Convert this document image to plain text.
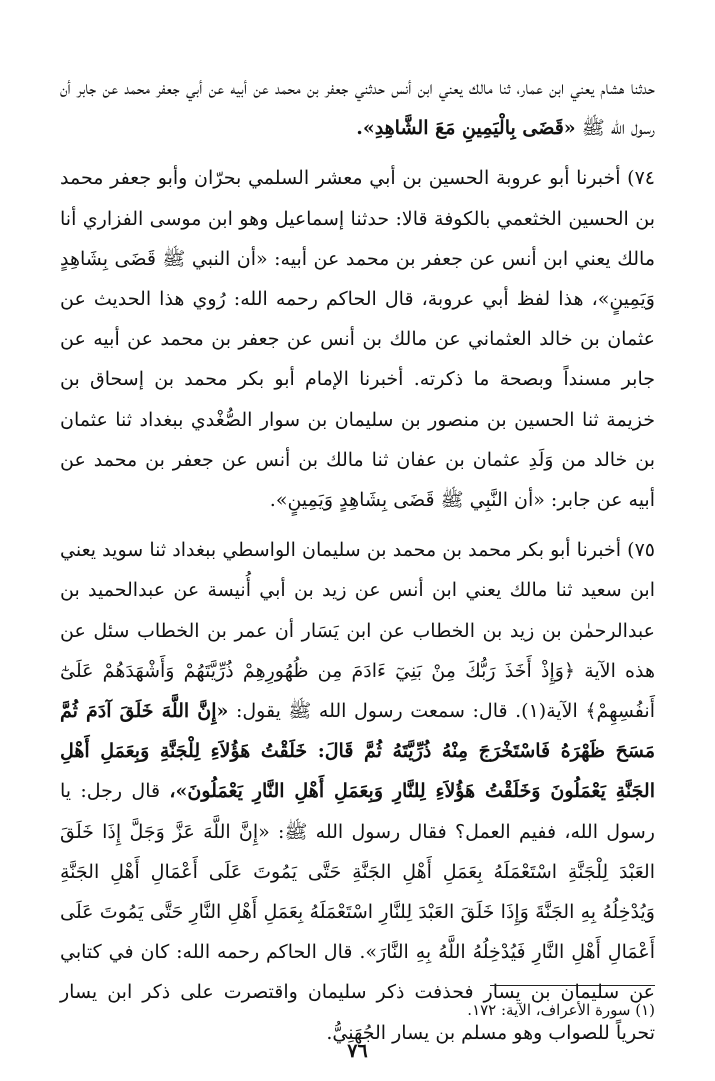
حدثنا هشام يعني ابن عمار، ثنا مالك يعني ابن أنس حدثني جعفر بن محمد عن أبيه عن أبي جعفر محمد عن جابر أن رسول الله ﷺ «قَضَى بِالْيَمِينِ مَعَ الشَّاهِدِ».

٧٤) أخبرنا أبو عروبة الحسين بن أبي معشر السلمي بحرّان وأبو جعفر محمد بن الحسين الخثعمي بالكوفة قالا: حدثنا إسماعيل وهو ابن موسى الفزاري أنا مالك يعني ابن أنس عن جعفر بن محمد عن أبيه: «أن النبي ﷺ قَضَى بِشَاهِدٍ وَيَمِينٍ»، هذا لفظ أبي عروبة، قال الحاكم رحمه الله: رُوي هذا الحديث عن عثمان بن خالد العثماني عن مالك بن أنس عن جعفر بن محمد عن أبيه عن جابر مسنداً وبصحة ما ذكرته. أخبرنا الإمام أبو بكر محمد بن إسحاق بن خزيمة ثنا الحسين بن منصور بن سليمان بن سوار الصُّغْدي ببغداد ثنا عثمان بن خالد من وَلَدِ عثمان بن عفان ثنا مالك بن أنس عن جعفر بن محمد عن أبيه عن جابر: «أن النَّبِي ﷺ قَضَى بِشَاهِدٍ وَيَمِينٍ».

٧٥) أخبرنا أبو بكر محمد بن محمد بن سليمان الواسطي ببغداد ثنا سويد يعني ابن سعيد ثنا مالك يعني ابن أنس عن زيد بن أبي أُنيسة عن عبدالحميد بن عبدالرحمٰن بن زيد بن الخطاب عن ابن يَسَار أن عمر بن الخطاب سئل عن هذه الآية ﴿وَإِذْ أَخَذَ رَبُّكَ مِنْ بَنِيٓ ءَادَمَ مِن ظُهُورِهِمْ ذُرِّيَّتَهُمْ وَأَشْهَدَهُمْ عَلَىٰٓ أَنفُسِهِمْ﴾ الآية(١). قال: سمعت رسول الله ﷺ يقول: «إِنَّ اللَّهَ خَلَقَ آدَمَ ثُمَّ مَسَحَ ظَهْرَهُ فَاسْتَخْرَجَ مِنْهُ ذُرِّيَّتَهُ ثُمَّ قَالَ: خَلَقْتُ هَؤُلاَءِ لِلْجَنَّةِ وَبِعَمَلِ أَهْلِ الجَنَّةِ يَعْمَلُونَ وَخَلَقْتُ هَؤُلاَءِ لِلنَّارِ وَبِعَمَلِ أَهْلِ النَّارِ يَعْمَلُونَ»، قال رجل: يا رسول الله، ففيم العمل؟ فقال رسول الله ﷺ: «إِنَّ اللَّهَ عَزَّ وَجَلَّ إِذَا خَلَقَ العَبْدَ لِلْجَنَّةِ اسْتَعْمَلَهُ بِعَمَلِ أَهْلِ الجَنَّةِ حَتَّى يَمُوتَ عَلَى أَعْمَالِ أَهْلِ الجَنَّةِ وَيُدْخِلُهُ بِهِ الجَنَّةَ وَإِذَا خَلَقَ العَبْدَ لِلنَّارِ اسْتَعْمَلَهُ بِعَمَلِ أَهْلِ النَّارِ حَتَّى يَمُوتَ عَلَى أَعْمَالِ أَهْلِ النَّارِ فَيُدْخِلُهُ اللَّهُ بِهِ النَّارَ». قال الحاكم رحمه الله: كان في كتابي عن سليمان بن يسار فحذفت ذكر سليمان واقتصرت على ذكر ابن يسار تحرياً للصواب وهو مسلم بن يسار الجُهَنِيُّ.

(١) سورة الأعراف، الآية: ١٧٢.
٧٦
